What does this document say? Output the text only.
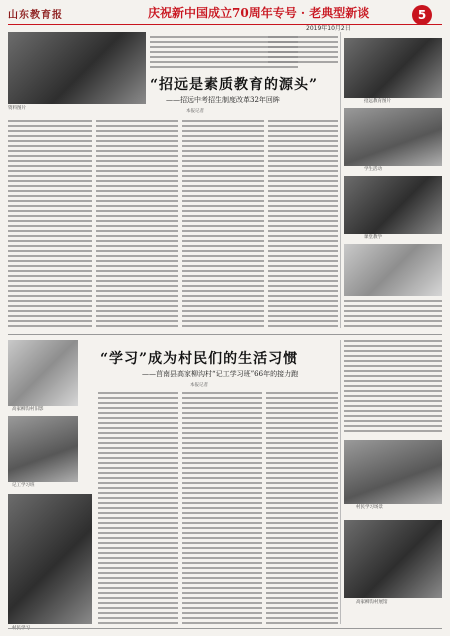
山东教育报	庆祝新中国成立70周年专号 · 老典型新谈	5
2019年10月2日
资料图片
“招远是素质教育的源头”
——招远中考招生制度改革32年回眸
本报记者
招远教育图片
学生活动
课堂教学
“学习”成为村民们的生活习惯
——莒南县高家柳沟村“记工学习班”66年的接力跑
本报记者
高家柳沟村旧影
记工学习班
村民学习场景
高家柳沟村展馆
